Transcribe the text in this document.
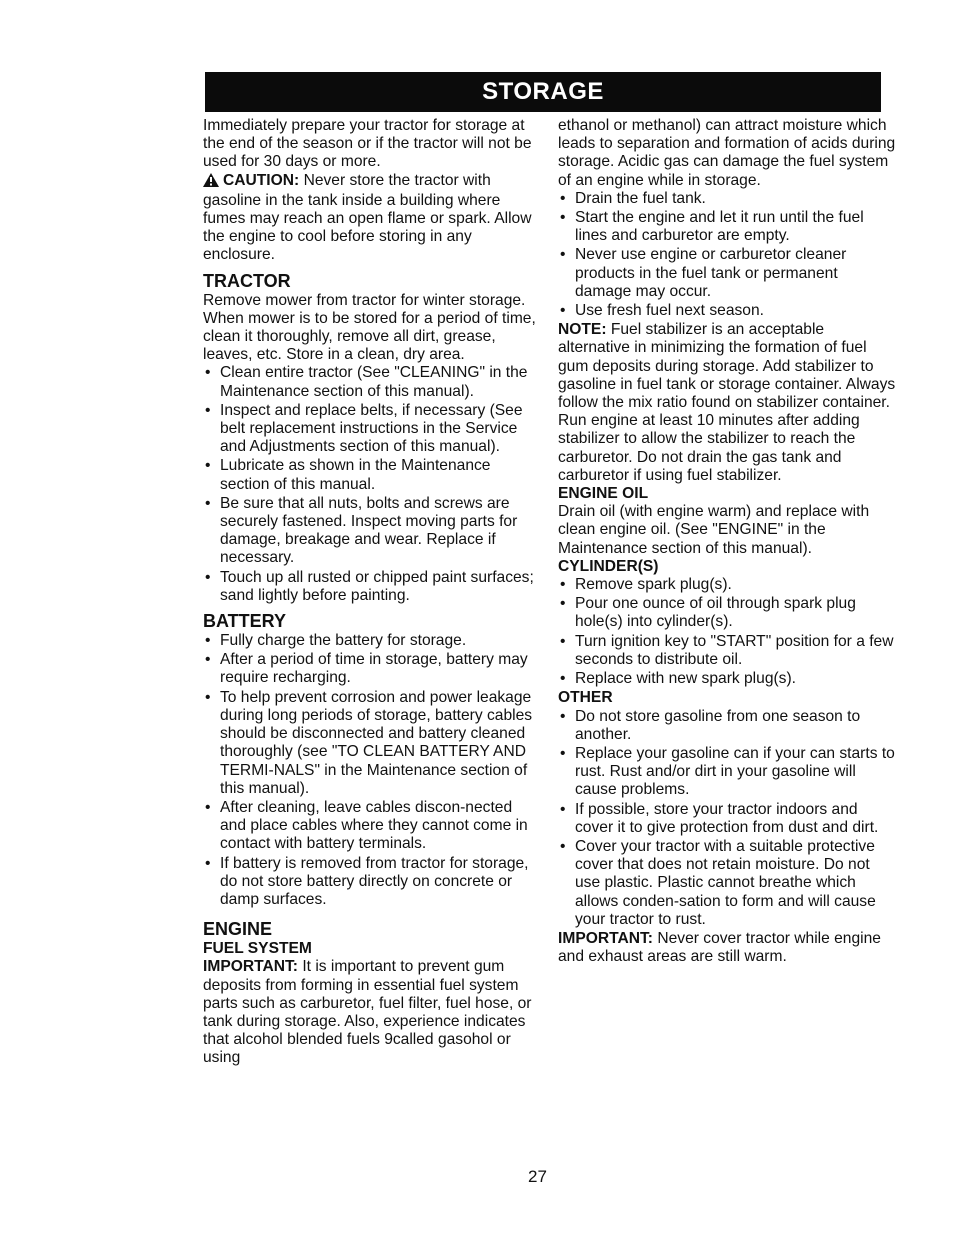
STORAGE

Immediately prepare your tractor for storage at the end of the season or if the tractor will not be used for 30 days or more.

CAUTION: Never store the tractor with gasoline in the tank inside a building where fumes may reach an open flame or spark. Allow the engine to cool before storing in any enclosure.

TRACTOR

Remove mower from tractor for winter storage. When mower is to be stored for a period of time, clean it thoroughly, remove all dirt, grease, leaves, etc. Store in a clean, dry area.

• Clean entire tractor (See "CLEANING" in the Maintenance section of this manual).
• Inspect and replace belts, if necessary (See belt replacement instructions in the Service and Adjustments section of this manual).
• Lubricate as shown in the Maintenance section of this manual.
• Be sure that all nuts, bolts and screws are securely fastened. Inspect moving parts for damage, breakage and wear. Replace if necessary.
• Touch up all rusted or chipped paint surfaces; sand lightly before painting.
BATTERY
• Fully charge the battery for storage.
• After a period of time in storage, battery may require recharging.
• To help prevent corrosion and power leakage during long periods of storage, battery cables should be disconnected and battery cleaned thoroughly (see "TO CLEAN BATTERY AND TERMI-NALS" in the Maintenance section of this manual).
• After cleaning, leave cables discon-nected and place cables where they cannot come in contact with battery terminals.
• If battery is removed from tractor for storage, do not store battery directly on concrete or damp surfaces.
ENGINE
FUEL SYSTEM

IMPORTANT: It is important to prevent gum deposits from forming in essential fuel system parts such as carburetor, fuel filter, fuel hose, or tank during storage. Also, experience indicates that alcohol blended fuels 9called gasohol or using

ethanol or methanol) can attract moisture which leads to separation and formation of acids during storage. Acidic gas can damage the fuel system of an engine while in storage.

• Drain the fuel tank.
• Start the engine and let it run until the fuel lines and carburetor are empty.
• Never use engine or carburetor cleaner products in the fuel tank or permanent damage may occur.
• Use fresh fuel next season.

NOTE: Fuel stabilizer is an acceptable alternative in minimizing the formation of fuel gum deposits during storage. Add stabilizer to gasoline in fuel tank or storage container. Always follow the mix ratio found on stabilizer container. Run engine at least 10 minutes after adding stabilizer to allow the stabilizer to reach the carburetor. Do not drain the gas tank and carburetor if using fuel stabilizer.

ENGINE OIL

Drain oil (with engine warm) and replace with clean engine oil. (See "ENGINE" in the Maintenance section of this manual).

CYLINDER(S)
• Remove spark plug(s).
• Pour one ounce of oil through spark plug hole(s) into cylinder(s).
• Turn ignition key to "START" position for a few seconds to distribute oil.
• Replace with new spark plug(s).
OTHER
• Do not store gasoline from one season to another.
• Replace your gasoline can if your can starts to rust. Rust and/or dirt in your gasoline will cause problems.
• If possible, store your tractor indoors and cover it to give protection from dust and dirt.
• Cover your tractor with a suitable protective cover that does not retain moisture. Do not use plastic. Plastic cannot breathe which allows conden-sation to form and will cause your tractor to rust.

IMPORTANT: Never cover tractor while engine and exhaust areas are still warm.

27
